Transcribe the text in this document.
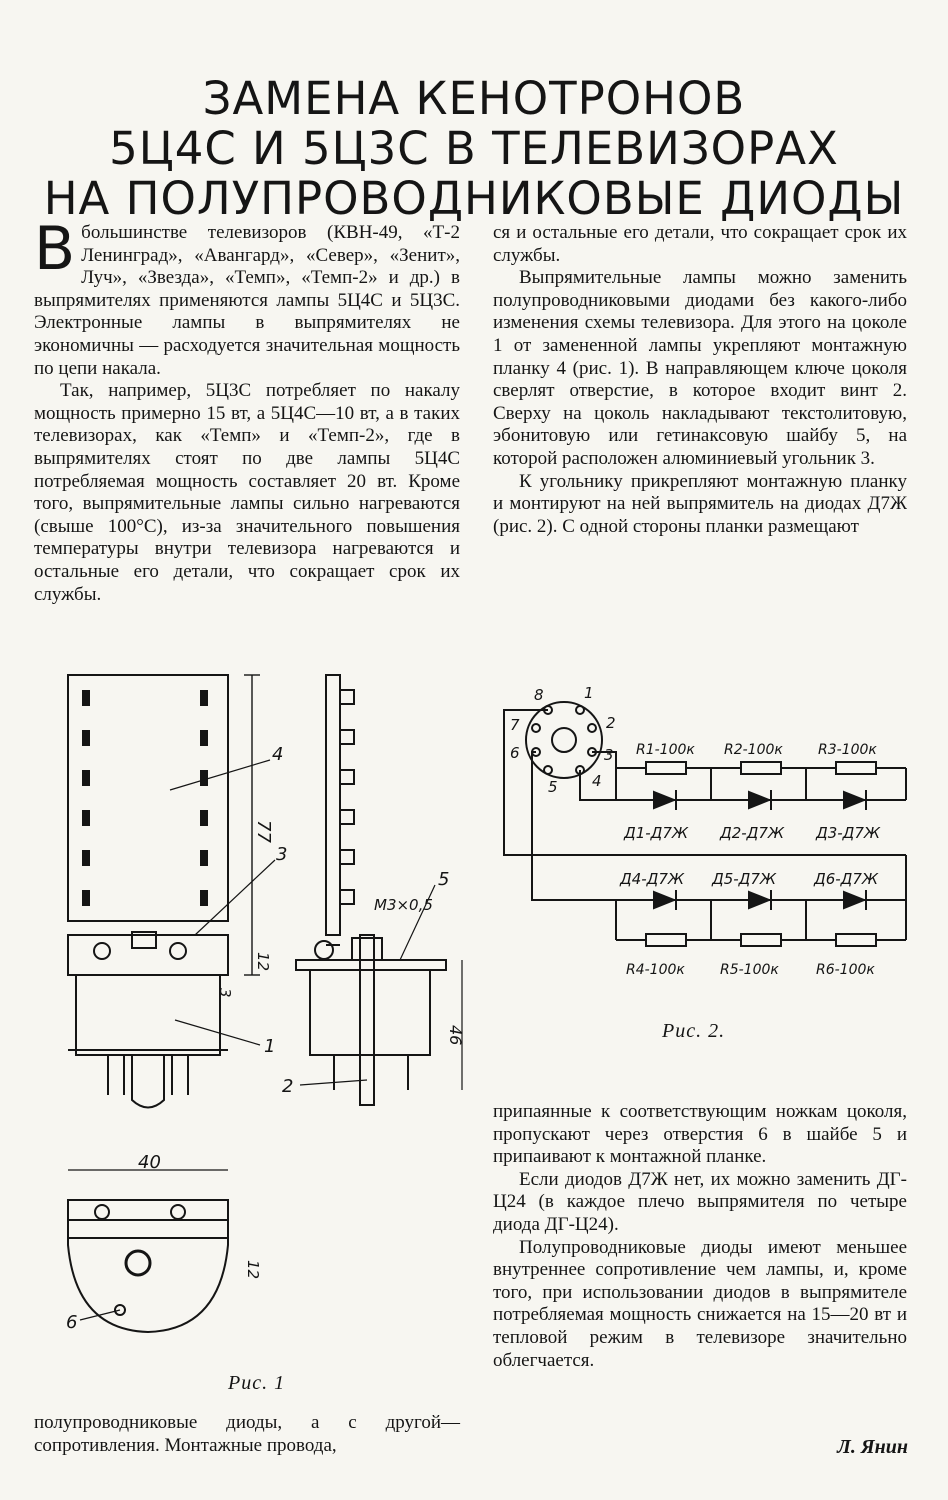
ЗАМЕНА КЕНОТРОНОВ
5Ц4С И 5Ц3С В ТЕЛЕВИЗОРАХ
НА ПОЛУПРОВОДНИКОВЫЕ ДИОДЫ

Вбольшинстве телевизоров (КВН-49, «Т-2 Ленинград», «Авангард», «Север», «Зенит», Луч», «Звезда», «Темп», «Темп-2» и др.) в выпрямителях применяются лампы 5Ц4С и 5Ц3С. Электронные лампы в выпрямителях не экономичны — расходуется значительная мощность по цепи накала.

Так, например, 5Ц3С потребляет по накалу мощность примерно 15 вт, а 5Ц4С—10 вт, а в таких телевизорах, как «Темп» и «Темп-2», где в выпрямителях стоят по две лампы 5Ц4С потребляемая мощность составляет 20 вт. Кроме того, выпрямительные лампы сильно нагреваются (свыше 100°С), из-за значительного повышения температуры внутри телевизора нагреваются и остальные его детали, что сокращает срок их службы.

ся и остальные его детали, что сокращает срок их службы.

Выпрямительные лампы можно заменить полупроводниковыми диодами без какого-либо изменения схемы телевизора. Для этого на цоколе 1 от замененной лампы укрепляют монтажную планку 4 (рис. 1). В направляющем ключе цоколя сверлят отверстие, в которое входит винт 2. Сверху на цоколь накладывают текстолитовую, эбонитовую или гетинаксовую шайбу 5, на которой расположен алюминиевый угольник 3.

К угольнику прикрепляют монтажную планку и монтируют на ней выпрямитель на диодах Д7Ж (рис. 2). С одной стороны планки размещают

77
12
3
4
3
1
46
М3×0,5
5
2
40
6
12
Рис. 1
8	1
7	2
6	3
5 4
R1-100к R2-100к	R3-100к
Д1-Д7Ж Д2-Д7Ж Д3-Д7Ж
Д4-Д7Ж Д5-Д7Ж	Д6-Д7Ж
R4-100к	R5-100к	R6-100к
Рис. 2.

припаянные к соответствующим ножкам цоколя, пропускают через отверстия 6 в шайбе 5 и припаивают к монтажной планке.

Если диодов Д7Ж нет, их можно заменить ДГ-Ц24 (в каждое плечо выпрямителя по четыре диода ДГ-Ц24).

Полупроводниковые диоды имеют меньшее внутреннее сопротивление чем лампы, и, кроме того, при использовании диодов в выпрямителе потребляемая мощность снижается на 15—20 вт и тепловой режим в телевизоре значительно облегчается.

полупроводниковые диоды, а с другой— сопротивления. Монтажные провода,	Л. Янин
